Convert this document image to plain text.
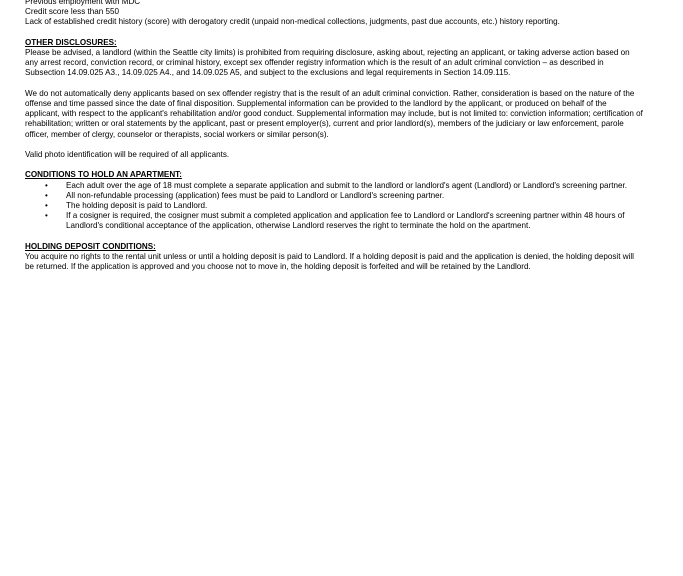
Previous employment with MDC
Credit score less than 550
Lack of established credit history (score) with derogatory credit (unpaid non-medical collections, judgments, past due accounts, etc.) history reporting.
OTHER DISCLOSURES:

Please be advised, a landlord (within the Seattle city limits) is prohibited from requiring disclosure, asking about, rejecting an applicant, or taking adverse action based on any arrest record, conviction record, or criminal history, except sex offender registry information which is the result of an adult criminal conviction – as described in Subsection 14.09.025 A3., 14.09.025 A4., and 14.09.025 A5, and subject to the exclusions and legal requirements in Section 14.09.115.

We do not automatically deny applicants based on sex offender registry that is the result of an adult criminal conviction. Rather, consideration is based on the nature of the offense and time passed since the date of final disposition. Supplemental information can be provided to the landlord by the applicant, or produced on behalf of the applicant, with respect to the applicant's rehabilitation and/or good conduct. Supplemental information may include, but is not limited to: conviction information; certification of rehabilitation; written or oral statements by the applicant, past or present employer(s), current and prior landlord(s), members of the judiciary or law enforcement, parole officer, member of clergy, counselor or therapists, social workers or similar person(s).

Valid photo identification will be required of all applicants.

CONDITIONS TO HOLD AN APARTMENT:
• Each adult over the age of 18 must complete a separate application and submit to the landlord or landlord's agent (Landlord) or Landlord's screening partner.
• All non-refundable processing (application) fees must be paid to Landlord or Landlord's screening partner.
• The holding deposit is paid to Landlord.
• If a cosigner is required, the cosigner must submit a completed application and application fee to Landlord or Landlord's screening partner within 48 hours of Landlord's conditional acceptance of the application, otherwise Landlord reserves the right to terminate the hold on the apartment.
HOLDING DEPOSIT CONDITIONS:

You acquire no rights to the rental unit unless or until a holding deposit is paid to Landlord. If a holding deposit is paid and the application is denied, the holding deposit will be returned. If the application is approved and you choose not to move in, the holding deposit is forfeited and will be retained by the Landlord.
